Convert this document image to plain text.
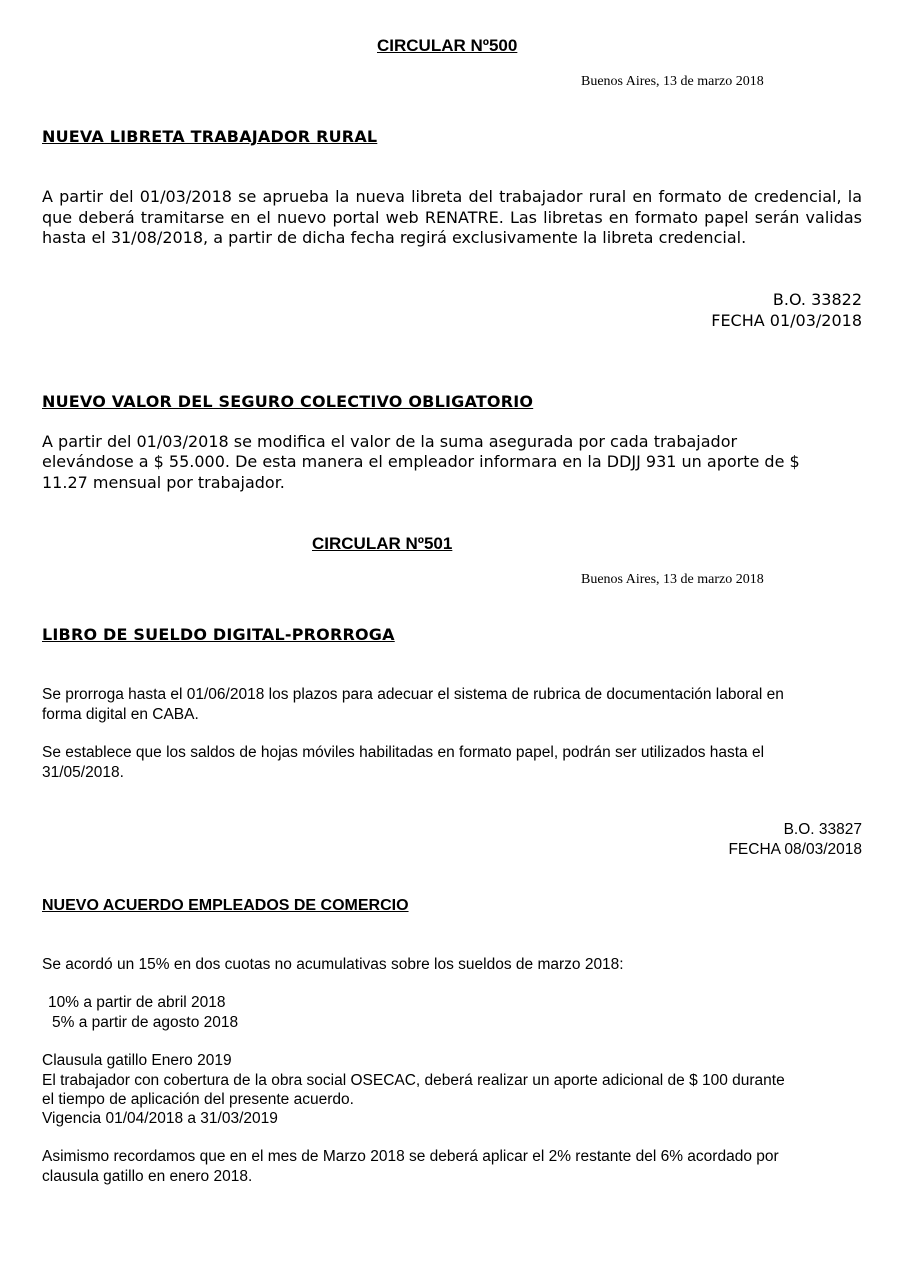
CIRCULAR Nº500
Buenos Aires, 13 de marzo 2018
NUEVA LIBRETA TRABAJADOR RURAL

A partir del 01/03/2018 se aprueba la nueva libreta del trabajador rural en formato de credencial, la que deberá tramitarse en el nuevo portal web RENATRE. Las libretas en formato papel serán validas hasta el 31/08/2018, a partir de dicha fecha regirá exclusivamente la libreta credencial.

B.O. 33822
FECHA 01/03/2018
NUEVO VALOR DEL SEGURO COLECTIVO OBLIGATORIO
A partir del 01/03/2018 se modifica el valor de la suma asegurada por cada trabajador
elevándose a $ 55.000. De esta manera el empleador informara en la DDJJ 931 un aporte de $
11.27 mensual por trabajador.
CIRCULAR Nº501
Buenos Aires, 13 de marzo 2018
LIBRO DE SUELDO DIGITAL-PRORROGA
Se prorroga hasta el 01/06/2018 los plazos para adecuar el sistema de rubrica de documentación laboral en
forma digital en CABA.
Se establece que los saldos de hojas móviles habilitadas en formato papel, podrán ser utilizados hasta el
31/05/2018.
B.O. 33827
FECHA 08/03/2018
NUEVO ACUERDO EMPLEADOS DE COMERCIO
Se acordó un 15% en dos cuotas no acumulativas sobre los sueldos de marzo 2018:
10% a partir de abril 2018
5% a partir de agosto 2018
Clausula gatillo Enero 2019
El trabajador con cobertura de la obra social OSECAC, deberá realizar un aporte adicional de $ 100 durante
el tiempo de aplicación del presente acuerdo.
Vigencia 01/04/2018 a 31/03/2019
Asimismo recordamos que en el mes de Marzo 2018 se deberá aplicar el 2% restante del 6% acordado por
clausula gatillo en enero 2018.
